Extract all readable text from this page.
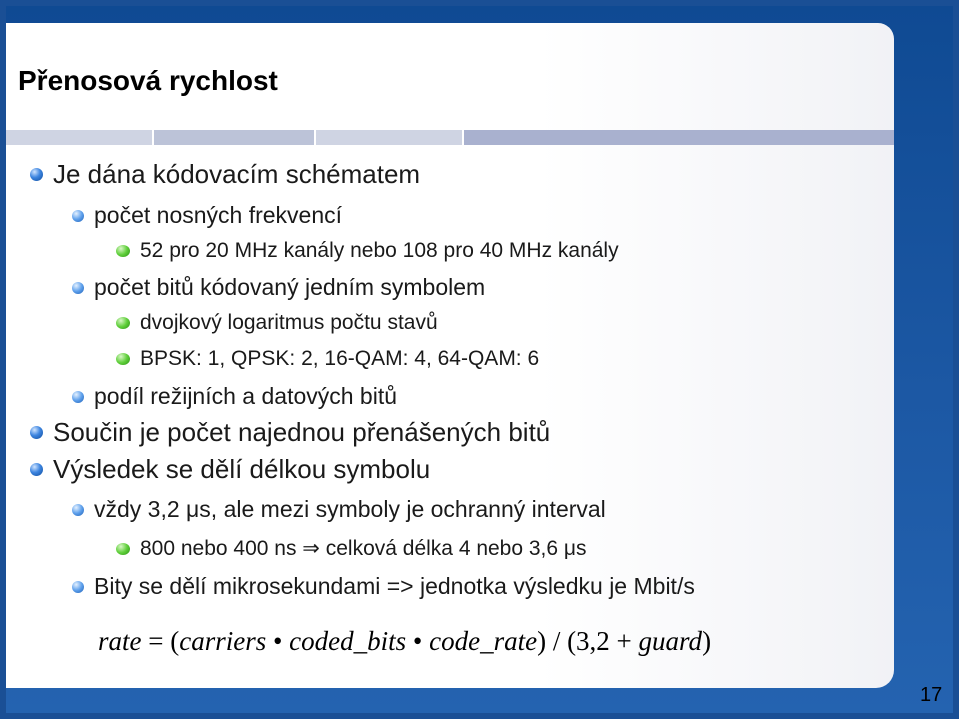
Přenosová rychlost
Je dána kódovacím schématem
počet nosných frekvencí
52 pro 20 MHz kanály nebo 108 pro 40 MHz kanály
počet bitů kódovaný jedním symbolem
dvojkový logaritmus počtu stavů
BPSK: 1, QPSK: 2, 16-QAM: 4, 64-QAM: 6
podíl režijních a datových bitů
Součin je počet najednou přenášených bitů
Výsledek se dělí délkou symbolu
vždy 3,2 μs, ale mezi symboly je ochranný interval
800 nebo 400 ns ⇒ celková délka 4 nebo 3,6 μs
Bity se dělí mikrosekundami => jednotka výsledku je Mbit/s
rate = (carriers • coded_bits • code_rate) / (3,2 + guard)
17
